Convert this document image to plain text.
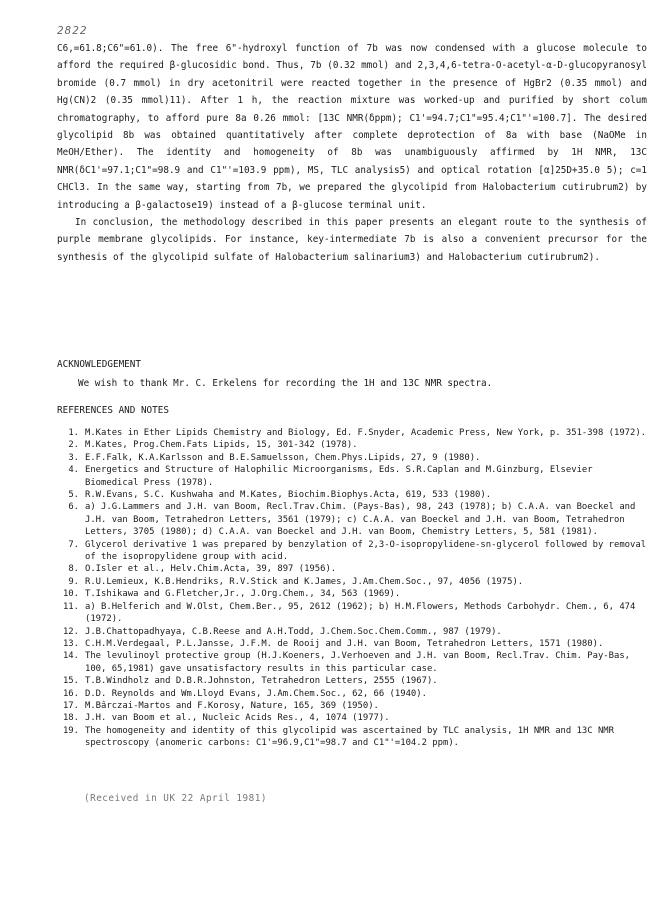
2822

C6,=61.8;C6"=61.0). The free 6"-hydroxyl function of 7b was now condensed with a glucose molecule to afford the required β-glucosidic bond. Thus, 7b (0.32 mmol) and 2,3,4,6-tetra-O-acetyl-α-D-glucopyranosyl bromide (0.7 mmol) in dry acetonitril were reacted together in the presence of HgBr2 (0.35 mmol) and Hg(CN)2 (0.35 mmol)11). After 1 h, the reaction mixture was worked-up and purified by short colum chromatography, to afford pure 8a 0.26 mmol: [13C NMR(δppm); C1'=94.7;C1"=95.4;C1"'=100.7]. The desired glycolipid 8b was obtained quantitatively after complete deprotection of 8a with base (NaOMe in MeOH/Ether). The identity and homogeneity of 8b was unambiguously affirmed by 1H NMR, 13C NMR(δC1'=97.1;C1"=98.9 and C1"'=103.9 ppm), MS, TLC analysis5) and optical rotation [α]25D+35.0 5); c=1 CHCl3. In the same way, starting from 7b, we prepared the glycolipid from Halobacterium cutirubrum2) by introducing a β-galactose19) instead of a β-glucose terminal unit.

In conclusion, the methodology described in this paper presents an elegant route to the synthesis of purple membrane glycolipids. For instance, key-intermediate 7b is also a convenient precursor for the synthesis of the glycolipid sulfate of Halobacterium salinarium3) and Halobacterium cutirubrum2).

ACKNOWLEDGEMENT
We wish to thank Mr. C. Erkelens for recording the 1H and 13C NMR spectra.
REFERENCES AND NOTES
1. M.Kates in Ether Lipids Chemistry and Biology, Ed. F.Snyder, Academic Press, New York, p. 351-398 (1972).
2. M.Kates, Prog.Chem.Fats Lipids, 15, 301-342 (1978).
3. E.F.Falk, K.A.Karlsson and B.E.Samuelsson, Chem.Phys.Lipids, 27, 9 (1980).
4. Energetics and Structure of Halophilic Microorganisms, Eds. S.R.Caplan and M.Ginzburg, Elsevier Biomedical Press (1978).
5. R.W.Evans, S.C. Kushwaha and M.Kates, Biochim.Biophys.Acta, 619, 533 (1980).
6. a) J.G.Lammers and J.H. van Boom, Recl.Trav.Chim. (Pays-Bas), 98, 243 (1978); b) C.A.A. van Boeckel and J.H. van Boom, Tetrahedron Letters, 3561 (1979); c) C.A.A. van Boeckel and J.H. van Boom, Tetrahedron Letters, 3705 (1980); d) C.A.A. van Boeckel and J.H. van Boom, Chemistry Letters, 5, 581 (1981).
7. Glycerol derivative 1 was prepared by benzylation of 2,3-O-isopropylidene-sn-glycerol followed by removal of the isopropylidene group with acid.
8. O.Isler et al., Helv.Chim.Acta, 39, 897 (1956).
9. R.U.Lemieux, K.B.Hendriks, R.V.Stick and K.James, J.Am.Chem.Soc., 97, 4056 (1975).
10. T.Ishikawa and G.Fletcher,Jr., J.Org.Chem., 34, 563 (1969).
11. a) B.Helferich and W.Olst, Chem.Ber., 95, 2612 (1962); b) H.M.Flowers, Methods Carbohydr. Chem., 6, 474 (1972).
12. J.B.Chattopadhyaya, C.B.Reese and A.H.Todd, J.Chem.Soc.Chem.Comm., 987 (1979).
13. C.H.M.Verdegaal, P.L.Jansse, J.F.M. de Rooij and J.H. van Boom, Tetrahedron Letters, 1571 (1980).
14. The levulinoyl protective group (H.J.Koeners, J.Verhoeven and J.H. van Boom, Recl.Trav. Chim. Pay-Bas, 100, 65,1981) gave unsatisfactory results in this particular case.
15. T.B.Windholz and D.B.R.Johnston, Tetrahedron Letters, 2555 (1967).
16. D.D. Reynolds and Wm.Lloyd Evans, J.Am.Chem.Soc., 62, 66 (1940).
17. M.Bârczai-Martos and F.Korosy, Nature, 165, 369 (1950).
18. J.H. van Boom et al., Nucleic Acids Res., 4, 1074 (1977).
19. The homogeneity and identity of this glycolipid was ascertained by TLC analysis, 1H NMR and 13C NMR spectroscopy (anomeric carbons: C1'=96.9,C1"=98.7 and C1"'=104.2 ppm).
(Received in UK 22 April 1981)
